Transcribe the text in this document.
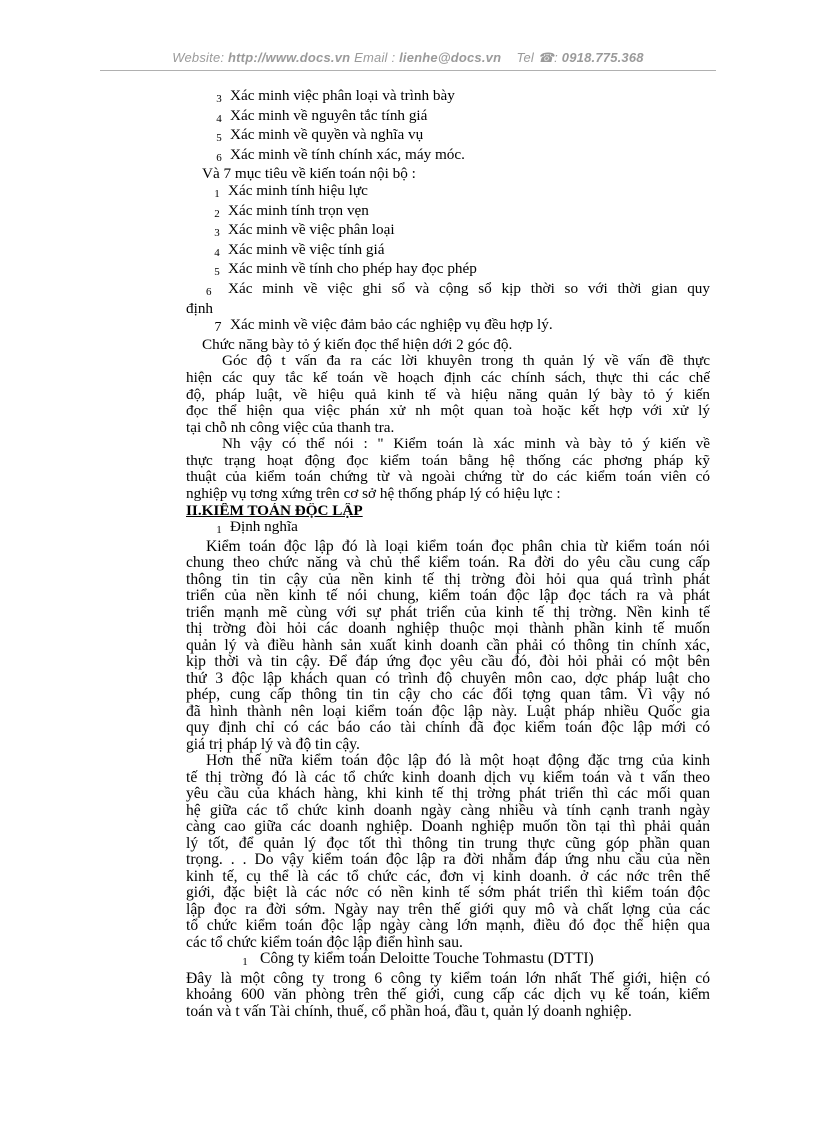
Website: http://www.docs.vn Email : lienhe@docs.vn Tel ☎: 0918.775.368
3 Xác minh việc phân loại và trình bày
4 Xác minh về nguyên tắc tính giá
5 Xác minh về quyền và nghĩa vụ
6 Xác minh về tính chính xác, máy móc.
Và 7 mục tiêu về kiến toán nội bộ :
1 Xác minh tính hiệu lực
2 Xác minh tính trọn vẹn
3 Xác minh về việc phân loại
4 Xác minh về việc tính giá
5 Xác minh về tính cho phép hay đọc phép
6 Xác minh về việc ghi sổ và cộng sổ kịp thời so với thời gian quy
định
7 Xác minh về việc đảm bảo các nghiệp vụ đều hợp lý.
Chức năng bày tỏ ý kiến đọc thể hiện dới 2 góc độ.
Góc độ t vấn đa ra các lời khuyên trong th quản lý về vấn đề thực
hiện các quy tắc kế toán về hoạch định các chính sách, thực thi các chế
độ, pháp luật, về hiệu quả kinh tế và hiệu năng quản lý bày tỏ ý kiến
đọc thể hiện qua việc phán xử nh một quan toà hoặc kết hợp với xử lý
tại chỗ nh công việc của thanh tra.
Nh vậy có thể nói : " Kiểm toán là xác minh và bày tỏ ý kiến về
thực trạng hoạt động đọc kiểm toán bằng hệ thống các phơng pháp kỹ
thuật của kiểm toán chứng từ và ngoài chứng từ do các kiểm toán viên có
nghiệp vụ tơng xứng trên cơ sở hệ thống pháp lý có hiệu lực :
II.KIỂM TOÁN ĐỘC LẬP
1 Định nghĩa
Kiểm toán độc lập đó là loại kiểm toán đọc phân chia từ kiểm toán nói
chung theo chức năng và chủ thể kiểm toán. Ra đời do yêu cầu cung cấp
thông tin tin cậy của nền kinh tế thị trờng đòi hỏi qua quá trình phát
triển của nền kinh tế nói chung, kiểm toán độc lập đọc tách ra và phát
triển mạnh mẽ cùng với sự phát triển của kinh tế thị trờng. Nền kinh tế
thị trờng đòi hỏi các doanh nghiệp thuộc mọi thành phần kinh tế muốn
quản lý và điều hành sản xuất kinh doanh cần phải có thông tin chính xác,
kịp thời và tin cậy. Để đáp ứng đọc yêu cầu đó, đòi hỏi phải có một bên
thứ 3 độc lập khách quan có trình độ chuyên môn cao, dợc pháp luật cho
phép, cung cấp thông tin tin cậy cho các đối tợng quan tâm. Vì vậy nó
đã hình thành nên loại kiểm toán độc lập này. Luật pháp nhiều Quốc gia
quy định chỉ có các báo cáo tài chính đã đọc kiểm toán độc lập mới có
giá trị pháp lý và độ tin cậy.
Hơn thế nữa kiểm toán độc lập đó là một hoạt động đặc trng của kinh
tế thị trờng đó là các tổ chức kinh doanh dịch vụ kiểm toán và t vấn theo
yêu cầu của khách hàng, khi kinh tế thị trờng phát triển thì các mối quan
hệ giữa các tổ chức kinh doanh ngày càng nhiều và tính cạnh tranh ngày
càng cao giữa các doanh nghiệp. Doanh nghiệp muốn tồn tại thì phải quản
lý tốt, để quản lý đọc tốt thì thông tin trung thực cũng góp phần quan
trọng. . . Do vậy kiểm toán độc lập ra đời nhằm đáp ứng nhu cầu của nền
kinh tế, cụ thể là các tổ chức các, đơn vị kinh doanh. ở các nớc trên thế
giới, đặc biệt là các nớc có nền kinh tế sớm phát triển thì kiểm toán độc
lập đọc ra đời sớm. Ngày nay trên thế giới quy mô và chất lợng của các
tổ chức kiểm toán độc lập ngày càng lớn mạnh, điều đó đọc thể hiện qua
các tổ chức kiểm toán độc lập điển hình sau.
1 Công ty kiểm toán Deloitte Touche Tohmastu (DTTI)
Đây là một công ty trong 6 công ty kiểm toán lớn nhất Thế giới, hiện có
khoảng 600 văn phòng trên thế giới, cung cấp các dịch vụ kế toán, kiểm
toán và t vấn Tài chính, thuế, cổ phần hoá, đầu t, quản lý doanh nghiệp.
